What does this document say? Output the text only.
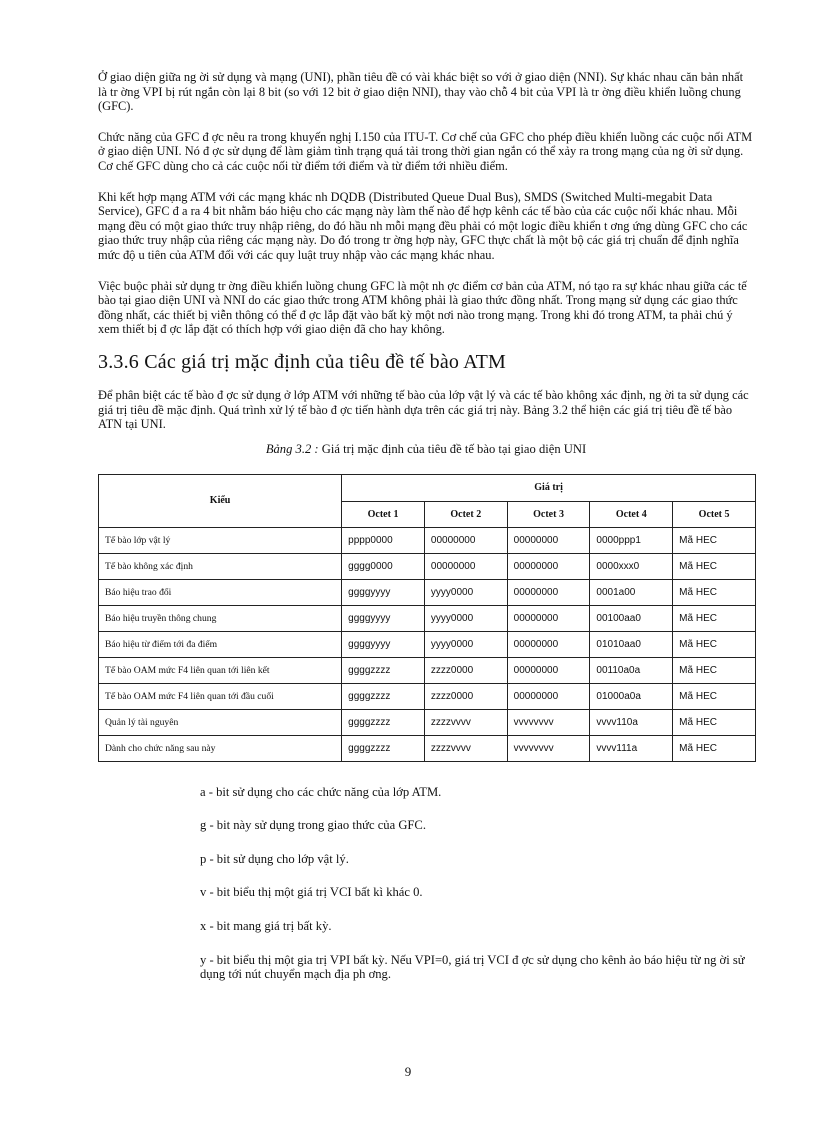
Ở giao diện giữa ng ời sử dụng và mạng (UNI), phần tiêu đề có vài khác biệt so với ở giao diện (NNI). Sự khác nhau căn bản nhất là tr ờng VPI bị rút ngắn còn lại 8 bit (so với 12 bit ở giao diện NNI), thay vào chỗ 4 bit của VPI là tr ờng điều khiển luồng chung (GFC).

Chức năng của GFC đ ợc nêu ra trong khuyến nghị I.150 của ITU-T. Cơ chế của GFC cho phép điều khiển luồng các cuộc nối ATM ở giao diện UNI. Nó đ ợc sử dụng để làm giảm tình trạng quá tải trong thời gian ngắn có thể xảy ra trong mạng của ng ời sử dụng. Cơ chế GFC dùng cho cả các cuộc nối từ điểm tới điểm và từ điểm tới nhiều điểm.

Khi kết hợp mạng ATM với các mạng khác nh DQDB (Distributed Queue Dual Bus), SMDS (Switched Multi-megabit Data Service), GFC đ a ra 4 bit nhằm báo hiệu cho các mạng này làm thế nào để hợp kênh các tế bào của các cuộc nối khác nhau. Mỗi mạng đều có một giao thức truy nhập riêng, do đó hầu nh mỗi mạng đều phải có một logic điều khiển t ơng ứng dùng GFC cho các giao thức truy nhập của riêng các mạng này. Do đó trong tr ờng hợp này, GFC thực chất là một bộ các giá trị chuẩn để định nghĩa mức độ u tiên của ATM đối với các quy luật truy nhập vào các mạng khác nhau.

Việc buộc phải sử dụng tr ờng điều khiển luồng chung GFC là một nh ợc điểm cơ bản của ATM, nó tạo ra sự khác nhau giữa các tế bào tại giao diện UNI và NNI do các giao thức trong ATM không phải là giao thức đồng nhất. Trong mạng sử dụng các giao thức đồng nhất, các thiết bị viễn thông có thể đ ợc lắp đặt vào bất kỳ một nơi nào trong mạng. Trong khi đó trong ATM, ta phải chú ý xem thiết bị đ ợc lắp đặt có thích hợp với giao diện đã cho hay không.

3.3.6 Các giá trị mặc định của tiêu đề tế bào ATM

Để phân biệt các tế bào đ ợc sử dụng ở lớp ATM với những tế bào của lớp vật lý và các tế bào không xác định, ng ời ta sử dụng các giá trị tiêu đề mặc định. Quá trình xử lý tế bào đ ợc tiến hành dựa trên các giá trị này. Bảng 3.2 thể hiện các giá trị tiêu đề tế bào ATN tại UNI.

Bảng 3.2 : Giá trị mặc định của tiêu đề tế bào tại giao diện UNI
Kiểu	Giá trị				
	Octet 1	Octet 2	Octet 3	Octet 4	Octet 5
Tế bào lớp vật lý	pppp0000	00000000	00000000	0000ppp1	Mã HEC
Tế bào không xác định	gggg0000	00000000	00000000	0000xxx0	Mã HEC
Báo hiệu trao đổi	ggggyyyy	yyyy0000	00000000	0001a00	Mã HEC
Báo hiệu truyền thông chung	ggggyyyy	yyyy0000	00000000	00100aa0	Mã HEC
Báo hiệu từ điểm tới đa điểm	ggggyyyy	yyyy0000	00000000	01010aa0	Mã HEC
Tế bào OAM mức F4 liên quan tới liên kết	ggggzzzz	zzzz0000	00000000	00110a0a	Mã HEC
Tế bào OAM mức F4 liên quan tới đầu cuối	ggggzzzz	zzzz0000	00000000	01000a0a	Mã HEC
Quản lý tài nguyên	ggggzzzz	zzzzvvvv	vvvvvvvv	vvvv110a	Mã HEC
Dành cho chức năng sau này	ggggzzzz	zzzzvvvv	vvvvvvvv	vvvv111a	Mã HEC

a - bit sử dụng cho các chức năng của lớp ATM.

g - bit này sử dụng trong giao thức của GFC.

p - bit sử dụng cho lớp vật lý.

v - bit biểu thị một giá trị VCI bất kì khác 0.

x - bit mang giá trị bất kỳ.

y - bit biểu thị một gia trị VPI bất kỳ. Nếu VPI=0, giá trị VCI đ ợc sử dụng cho kênh ảo báo hiệu từ ng ời sử dụng tới nút chuyển mạch địa ph ơng.

9
